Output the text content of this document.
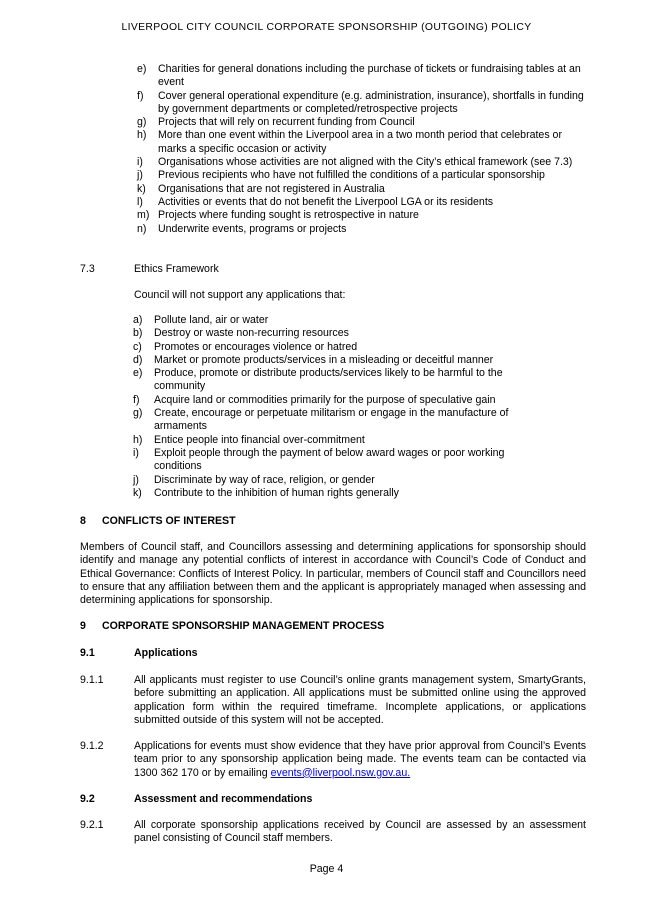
LIVERPOOL CITY COUNCIL CORPORATE SPONSORSHIP (OUTGOING) POLICY
e) Charities for general donations including the purchase of tickets or fundraising tables at an event
f) Cover general operational expenditure (e.g. administration, insurance), shortfalls in funding by government departments or completed/retrospective projects
g) Projects that will rely on recurrent funding from Council
h) More than one event within the Liverpool area in a two month period that celebrates or marks a specific occasion or activity
i) Organisations whose activities are not aligned with the City’s ethical framework (see 7.3)
j) Previous recipients who have not fulfilled the conditions of a particular sponsorship
k) Organisations that are not registered in Australia
l) Activities or events that do not benefit the Liverpool LGA or its residents
m) Projects where funding sought is retrospective in nature
n) Underwrite events, programs or projects
7.3	Ethics Framework
Council will not support any applications that:
a) Pollute land, air or water
b) Destroy or waste non-recurring resources
c) Promotes or encourages violence or hatred
d) Market or promote products/services in a misleading or deceitful manner
e) Produce, promote or distribute products/services likely to be harmful to the community
f) Acquire land or commodities primarily for the purpose of speculative gain
g) Create, encourage or perpetuate militarism or engage in the manufacture of armaments
h) Entice people into financial over-commitment
i) Exploit people through the payment of below award wages or poor working conditions
j) Discriminate by way of race, religion, or gender
k) Contribute to the inhibition of human rights generally
8 CONFLICTS OF INTEREST
Members of Council staff, and Councillors assessing and determining applications for sponsorship should identify and manage any potential conflicts of interest in accordance with Council’s Code of Conduct and Ethical Governance: Conflicts of Interest Policy. In particular, members of Council staff and Councillors need to ensure that any affiliation between them and the applicant is appropriately managed when assessing and determining applications for sponsorship.
9 CORPORATE SPONSORSHIP MANAGEMENT PROCESS
9.1	Applications
9.1.1	All applicants must register to use Council’s online grants management system, SmartyGrants, before submitting an application. All applications must be submitted online using the approved application form within the required timeframe. Incomplete applications, or applications submitted outside of this system will not be accepted.
9.1.2	Applications for events must show evidence that they have prior approval from Council’s Events team prior to any sponsorship application being made. The events team can be contacted via 1300 362 170 or by emailing events@liverpool.nsw.gov.au.
9.2	Assessment and recommendations
9.2.1	All corporate sponsorship applications received by Council are assessed by an assessment panel consisting of Council staff members.
Page 4
